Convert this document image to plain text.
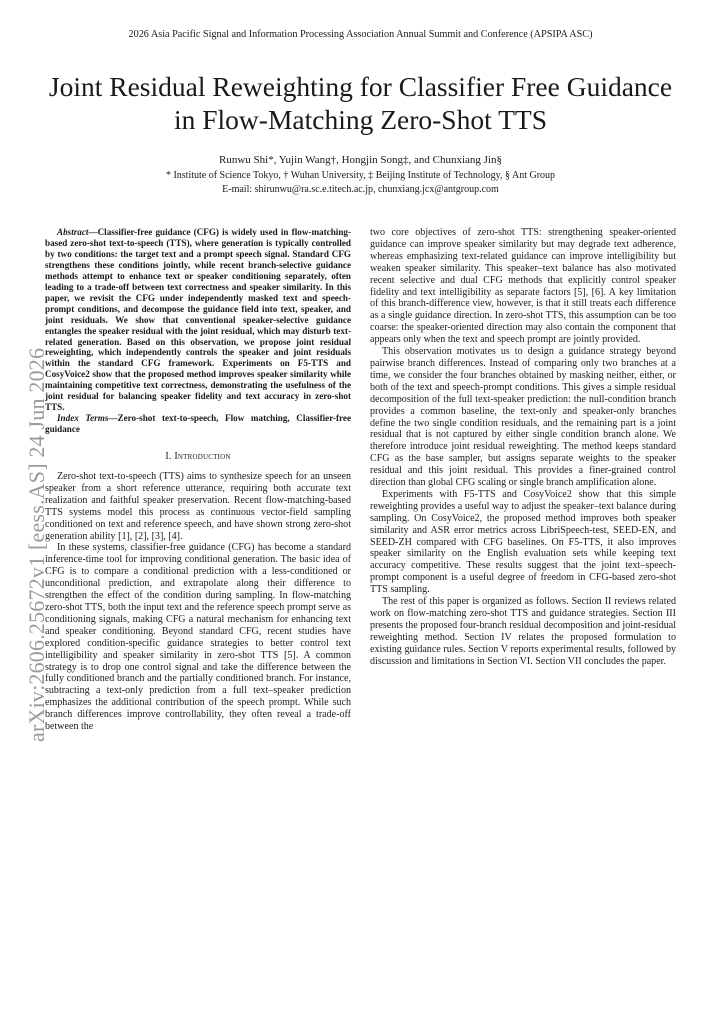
2026 Asia Pacific Signal and Information Processing Association Annual Summit and Conference (APSIPA ASC)
Joint Residual Reweighting for Classifier Free Guidance in Flow-Matching Zero-Shot TTS
Runwu Shi*, Yujin Wang†, Hongjin Song‡, and Chunxiang Jin§
* Institute of Science Tokyo, † Wuhan University, ‡ Beijing Institute of Technology, § Ant Group
E-mail: shirunwu@ra.sc.e.titech.ac.jp, chunxiang.jcx@antgroup.com
arXiv:2606.25672v1 [eess.AS] 24 Jun 2026

Abstract—Classifier-free guidance (CFG) is widely used in flow-matching-based zero-shot text-to-speech (TTS), where generation is typically controlled by two conditions: the target text and a prompt speech signal. Standard CFG strengthens these conditions jointly, while recent branch-selective guidance methods attempt to enhance text or speaker conditioning separately, often leading to a trade-off between text correctness and speaker similarity. In this paper, we revisit the CFG under independently masked text and speech-prompt conditions, and decompose the guidance field into text, speaker, and joint residuals. We show that conventional speaker-selective guidance entangles the speaker residual with the joint residual, which may disturb text-related generation. Based on this observation, we propose joint residual reweighting, which independently controls the speaker and joint residuals within the standard CFG framework. Experiments on F5-TTS and CosyVoice2 show that the proposed method improves speaker similarity while maintaining competitive text correctness, demonstrating the usefulness of the joint residual for balancing speaker fidelity and text accuracy in zero-shot TTS.

Index Terms—Zero-shot text-to-speech, Flow matching, Classifier-free guidance

I. Introduction

Zero-shot text-to-speech (TTS) aims to synthesize speech for an unseen speaker from a short reference utterance, requiring both accurate text realization and faithful speaker preservation. Recent flow-matching-based TTS systems model this process as continuous vector-field sampling conditioned on text and reference speech, and have shown strong zero-shot generation ability [1], [2], [3], [4].

In these systems, classifier-free guidance (CFG) has become a standard inference-time tool for improving conditional generation. The basic idea of CFG is to compare a conditional prediction with a less-conditioned or unconditional prediction, and extrapolate along their difference to strengthen the effect of the condition during sampling. In flow-matching zero-shot TTS, both the input text and the reference speech prompt serve as conditioning signals, making CFG a natural mechanism for enhancing text and speaker conditioning. Beyond standard CFG, recent studies have explored condition-specific guidance strategies to better control text intelligibility and speaker similarity in zero-shot TTS [5]. A common strategy is to drop one control signal and take the difference between the fully conditioned branch and the partially conditioned branch. For instance, subtracting a text-only prediction from a full text–speaker prediction emphasizes the additional contribution of the speech prompt. While such branch differences improve controllability, they often reveal a trade-off between the

two core objectives of zero-shot TTS: strengthening speaker-oriented guidance can improve speaker similarity but may degrade text adherence, whereas emphasizing text-related guidance can improve intelligibility but weaken speaker similarity. This speaker–text balance has also motivated recent selective and dual CFG methods that explicitly control speaker fidelity and text intelligibility as separate factors [5], [6]. A key limitation of this branch-difference view, however, is that it still treats each difference as a single guidance direction. In zero-shot TTS, this assumption can be too coarse: the speaker-oriented direction may also contain the component that appears only when the text and speech prompt are jointly provided.

This observation motivates us to design a guidance strategy beyond pairwise branch differences. Instead of comparing only two branches at a time, we consider the four branches obtained by masking neither, either, or both of the text and speech-prompt conditions. This gives a simple residual decomposition of the full text-speaker prediction: the null-condition branch provides a common baseline, the text-only and speaker-only branches define the two single condition residuals, and the remaining part is a joint residual that is not captured by either single condition branch alone. We therefore introduce joint residual reweighting. The method keeps standard CFG as the base sampler, but assigns separate weights to the speaker residual and this joint residual. This provides a finer-grained control direction than global CFG scaling or single branch amplification alone.

Experiments with F5-TTS and CosyVoice2 show that this simple reweighting provides a useful way to adjust the speaker–text balance during sampling. On CosyVoice2, the proposed method improves both speaker similarity and ASR error metrics across LibriSpeech-test, SEED-EN, and SEED-ZH compared with CFG baselines. On F5-TTS, it also improves speaker similarity on the English evaluation sets while keeping text accuracy competitive. These results suggest that the joint text–speech-prompt component is a useful degree of freedom in CFG-based zero-shot TTS sampling.

The rest of this paper is organized as follows. Section II reviews related work on flow-matching zero-shot TTS and guidance strategies. Section III presents the proposed four-branch residual decomposition and joint-residual reweighting method. Section IV relates the proposed formulation to existing guidance rules. Section V reports experimental results, followed by discussion and limitations in Section VI. Section VII concludes the paper.
